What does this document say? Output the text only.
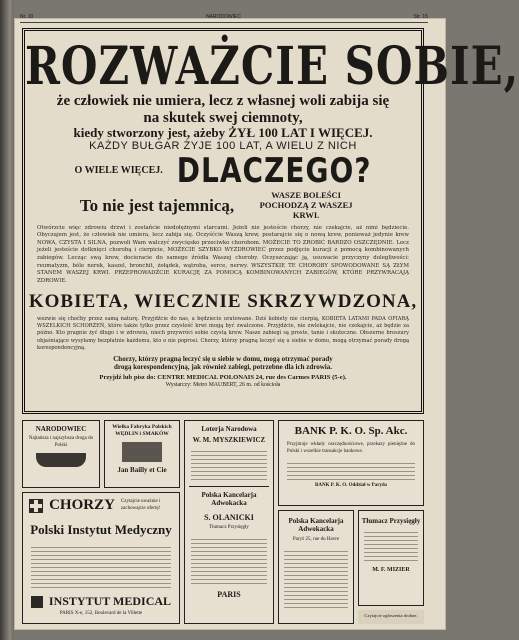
Nr. 10	NARODOWIEC	Str. 15
ROZWAŻCIE SOBIE,
że człowiek nie umiera, lecz z własnej woli zabija się
na skutek swej ciemnoty,
kiedy stworzony jest, ażeby ŻYŁ 100 LAT I WIĘCEJ.
KAŻDY BUŁGAR ŻYJE 100 LAT, A WIELU Z NICH
O WIELE WIĘCEJ. DLACZEGO?
To nie jest tajemnicą,
WASZE BOLEŚCI POCHODZĄ Z WASZEJ KRWI.
Otwórzcie więc zdrowiu drzwi i zostańcie niedołężnymi starcami. Jeżeli nie jesteście chorzy, nie czekajcie, aż nimi będziecie. Obyczajem jest, że człowiek nie umiera, lecz zabija się. Oczyśćcie Waszą krew, postarajcie się o nową krew, ponieważ jedynie krew NOWA, CZYSTA I SILNA, pozwoli Wam walczyć zwycięsko przeciwko chorobom. MOŻECIE TO ZROBIĆ BARDZO OSZCZĘDNIE. Lecz jeżeli jesteście dotknięci chorobą i cierpicie, MOŻECIE SZYBKO WYZDROWIEĆ przez podjęcie kuracji z pomocą kombinowanych zabiegów. Lecząc swą krew, docieracie do samego źródła Waszej choroby. Oczyszczając ją, usuwacie przyczyny dolegliwości: reumatyzm, bóle nerek, kaszel, bronchit, żołądek, wątroba, serce, nerwy. WSZYSTKIE TE CHOROBY SPOWODOWANE SĄ ZŁYM STANEM WASZEJ KRWI. PRZEPROWADŹCIE KURACJĘ ZA POMOCĄ KOMBINOWANYCH ZABIEGÓW, KTÓRE PRZYWRACAJĄ ZDROWIE.
KOBIETA, WIECZNIE SKRZYWDZONA,
wezwie się choćby przez samą naturę. Przyjdźcie do nas, a będziecie uratowane. Dziś kobiety nie cierpią, KOBIETA LATAMI PADA OFIARĄ WSZELKICH SCHORZEŃ, które także tylko przez czystość krwi mogą być zwalczone. Przyjdźcie, nie zwlekajcie, nie czekajcie, aż będzie za późno. Kto pragnie żyć długo i w zdrowiu, niech przywróci sobie czystą krew. Nasze zabiegi są proste, tanie i skuteczne. Obszerne broszury objaśniające wysyłamy bezpłatnie każdemu, kto o nie poprosi. Chorzy, którzy pragną leczyć się u siebie w domu, mogą otrzymać porady drogą korespondencyjną.
Chorzy, którzy pragną leczyć się u siebie w domu, mogą otrzymać porady
drogą korespondencyjną, jak również zabiegi, potrzebne dla ich zdrowia.
Przyjdź lub pisz do: CENTRE MEDICAL POLONAIS 24, rue des Carmes PARIS (5-e).
Wystarczy: Metro MAUBERT, 26 m. od kościoła
NARODOWIEC
Najtańsza i najszybsza droga do Polski
CHORZY Czytajcie uważnie i zachowajcie ofertę!
Polski Instytut Medyczny
INSTYTUT MEDICAL
PARIS X-e, 152, Boulevard de la Villette
Wielka Fabryka Polskich WĘDLIN i SMAKÓW
Jan Bailly et Cie
Loterja Narodowa
W. M. MYSZKIEWICZ
Polska Kancelarja Adwokacka
S. OLANICKI
Tłumacz Przysięgły
PARIS
BANK P. K. O. Sp. Akc.
Przyjmuje wkłady oszczędnościowe, przekazy pieniężne do Polski i wszelkie transakcje bankowe.
BANK P. K. O. Oddział w Paryżu
Polska Kancelarja Adwokacka
Paryż 25, rue du Havre
Tłumacz Przysięgły
M. F. MIZIER
Czytajcie ogłoszenia drobne.
